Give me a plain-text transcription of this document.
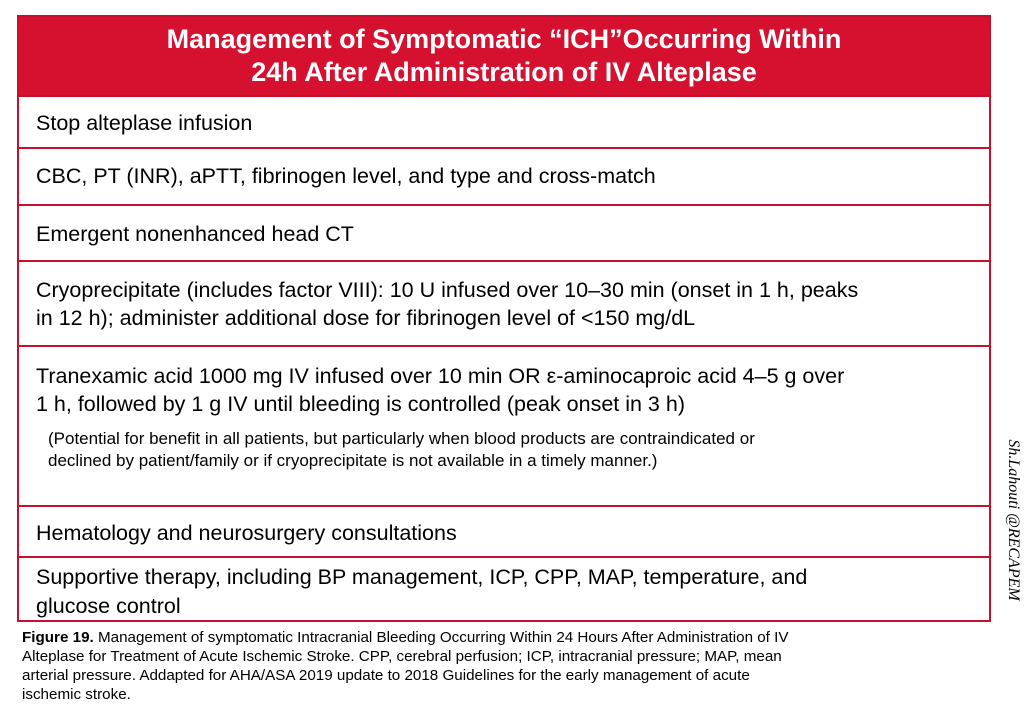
Management of Symptomatic “ICH”Occurring Within
24h After Administration of IV Alteplase
Stop alteplase infusion
CBC, PT (INR), aPTT, fibrinogen level, and type and cross-match
Emergent nonenhanced head CT
Cryoprecipitate (includes factor VIII): 10 U infused over 10–30 min (onset in 1 h, peaks
in 12 h); administer additional dose for fibrinogen level of <150 mg/dL
Tranexamic acid 1000 mg IV infused over 10 min OR ε-aminocaproic acid 4–5 g over
1 h, followed by 1 g IV until bleeding is controlled (peak onset in 3 h)
(Potential for benefit in all patients, but particularly when blood products are contraindicated or
declined by patient/family or if cryoprecipitate is not available in a timely manner.)
Hematology and neurosurgery consultations
Supportive therapy, including BP management, ICP, CPP, MAP, temperature, and
glucose control
Figure 19. Management of symptomatic Intracranial Bleeding Occurring Within 24 Hours After Administration of IV
Alteplase for Treatment of Acute Ischemic Stroke. CPP, cerebral perfusion; ICP, intracranial pressure; MAP, mean
arterial pressure. Addapted for AHA/ASA 2019 update to 2018 Guidelines for the early management of acute
ischemic stroke.
Sh.Lahouti @RECAPEM
